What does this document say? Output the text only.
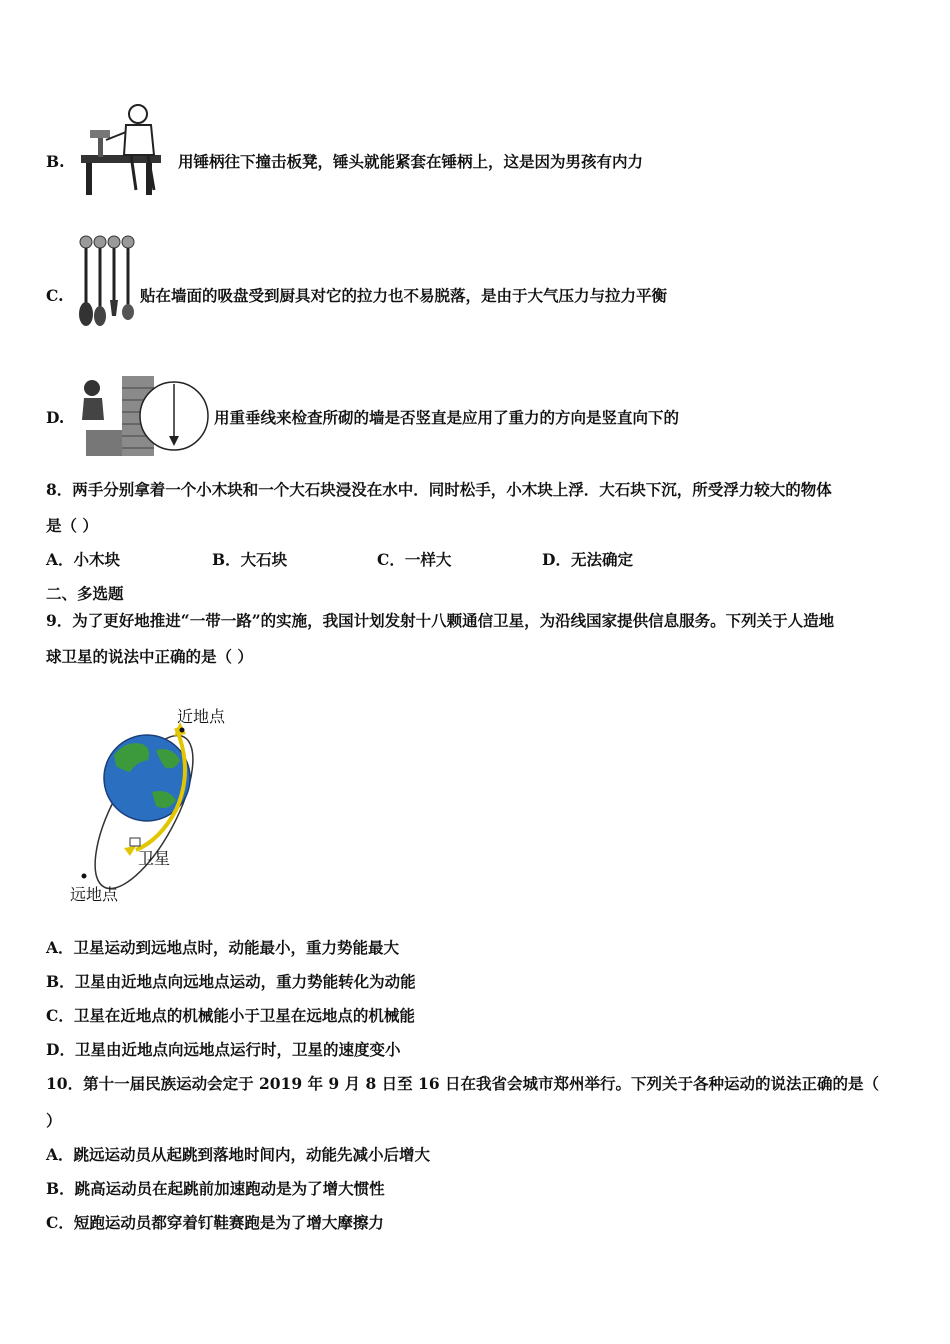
B.	用锤柄往下撞击板凳，锤头就能紧套在锤柄上，这是因为男孩有内力
C.	贴在墙面的吸盘受到厨具对它的拉力也不易脱落，是由于大气压力与拉力平衡
D.	用重垂线来检查所砌的墙是否竖直是应用了重力的方向是竖直向下的
8．两手分别拿着一个小木块和一个大石块浸没在水中．同时松手，小木块上浮．大石块下沉，所受浮力较大的物体
是（ ）
A．小木块	B．大石块	C．一样大	D．无法确定
二、多选题
9．为了更好地推进“一带一路”的实施，我国计划发射十八颗通信卫星，为沿线国家提供信息服务。下列关于人造地
球卫星的说法中正确的是（ ）
近地点
卫星
远地点
A．卫星运动到远地点时，动能最小，重力势能最大
B．卫星由近地点向远地点运动，重力势能转化为动能
C．卫星在近地点的机械能小于卫星在远地点的机械能
D．卫星由近地点向远地点运行时，卫星的速度变小
10．第十一届民族运动会定于 2019 年 9 月 8 日至 16 日在我省会城市郑州举行。下列关于各种运动的说法正确的是（
）
A．跳远运动员从起跳到落地时间内，动能先减小后增大
B．跳高运动员在起跳前加速跑动是为了增大惯性
C．短跑运动员都穿着钉鞋赛跑是为了增大摩擦力
